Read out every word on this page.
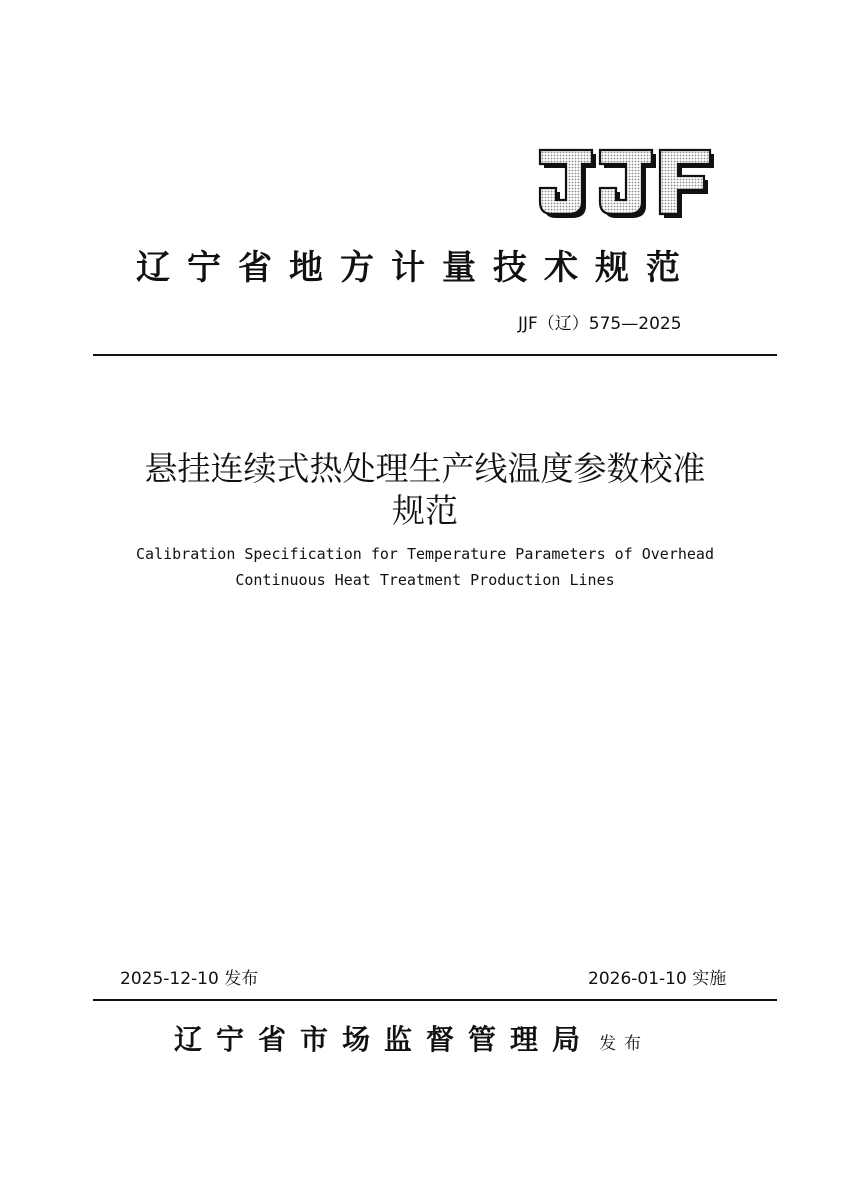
辽宁省地方计量技术规范
JJF（辽）575—2025
悬挂连续式热处理生产线温度参数校准
规范
Calibration Specification for Temperature Parameters of Overhead
Continuous Heat Treatment Production Lines
2025-12-10 发布	2026-01-10 实施
辽宁省市场监督管理局 发布
